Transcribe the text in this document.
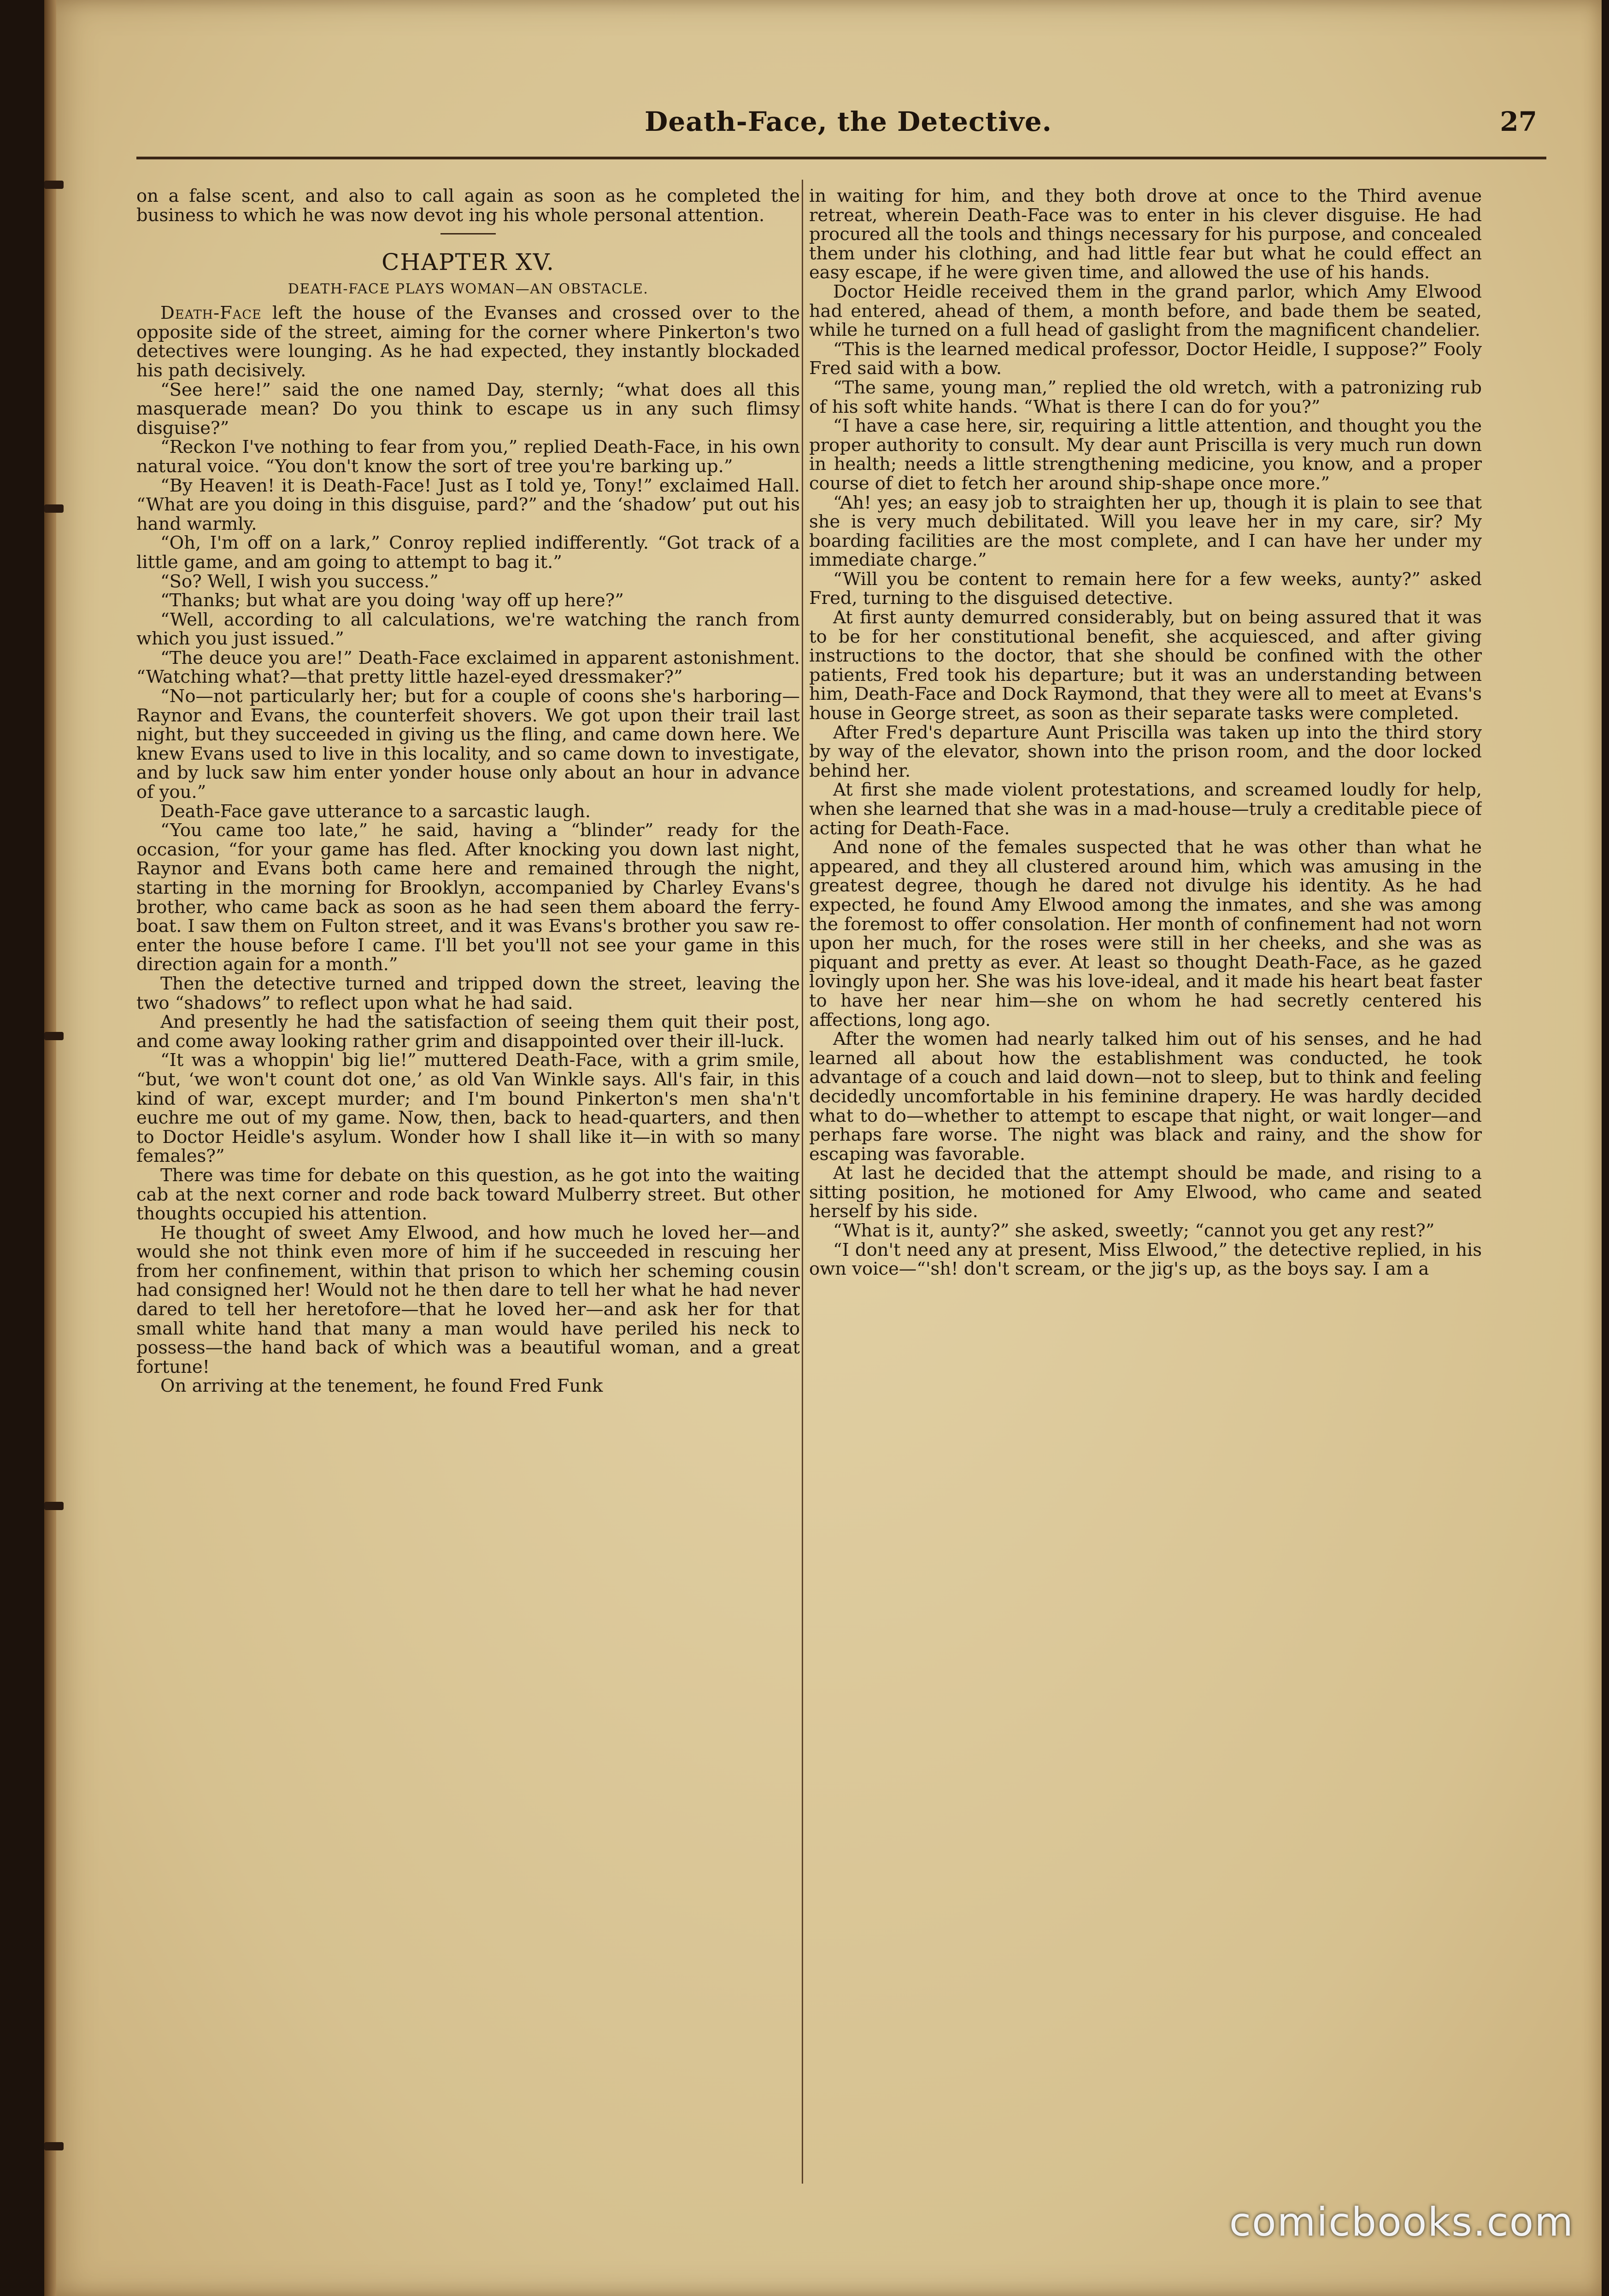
Death-Face, the Detective.	27

on a false scent, and also to call again as soon as he completed the business to which he was now devot ing his whole personal attention.

CHAPTER XV.
DEATH-FACE PLAYS WOMAN—AN OBSTACLE.

Death-Face left the house of the Evanses and crossed over to the opposite side of the street, aiming for the corner where Pinkerton's two detectives were lounging. As he had expected, they instantly blockaded his path decisively.

“See here!” said the one named Day, sternly; “what does all this masquerade mean? Do you think to escape us in any such flimsy disguise?”

“Reckon I've nothing to fear from you,” replied Death-Face, in his own natural voice. “You don't know the sort of tree you're barking up.”

“By Heaven! it is Death-Face! Just as I told ye, Tony!” exclaimed Hall. “What are you doing in this disguise, pard?” and the ‘shadow’ put out his hand warmly.

“Oh, I'm off on a lark,” Conroy replied indifferently. “Got track of a little game, and am going to attempt to bag it.”

“So? Well, I wish you success.”

“Thanks; but what are you doing 'way off up here?”

“Well, according to all calculations, we're watching the ranch from which you just issued.”

“The deuce you are!” Death-Face exclaimed in apparent astonishment. “Watching what?—that pretty little hazel-eyed dressmaker?”

“No—not particularly her; but for a couple of coons she's harboring—Raynor and Evans, the counterfeit shovers. We got upon their trail last night, but they succeeded in giving us the fling, and came down here. We knew Evans used to live in this locality, and so came down to investigate, and by luck saw him enter yonder house only about an hour in advance of you.”

Death-Face gave utterance to a sarcastic laugh.

“You came too late,” he said, having a “blinder” ready for the occasion, “for your game has fled. After knocking you down last night, Raynor and Evans both came here and remained through the night, starting in the morning for Brooklyn, accompanied by Charley Evans's brother, who came back as soon as he had seen them aboard the ferry-boat. I saw them on Fulton street, and it was Evans's brother you saw re-enter the house before I came. I'll bet you'll not see your game in this direction again for a month.”

Then the detective turned and tripped down the street, leaving the two “shadows” to reflect upon what he had said.

And presently he had the satisfaction of seeing them quit their post, and come away looking rather grim and disappointed over their ill-luck.

“It was a whoppin' big lie!” muttered Death-Face, with a grim smile, “but, ‘we won't count dot one,’ as old Van Winkle says. All's fair, in this kind of war, except murder; and I'm bound Pinkerton's men sha'n't euchre me out of my game. Now, then, back to head-quarters, and then to Doctor Heidle's asylum. Wonder how I shall like it—in with so many females?”

There was time for debate on this question, as he got into the waiting cab at the next corner and rode back toward Mulberry street. But other thoughts occupied his attention.

He thought of sweet Amy Elwood, and how much he loved her—and would she not think even more of him if he succeeded in rescuing her from her confinement, within that prison to which her scheming cousin had consigned her! Would not he then dare to tell her what he had never dared to tell her heretofore—that he loved her—and ask her for that small white hand that many a man would have periled his neck to possess—the hand back of which was a beautiful woman, and a great fortune!

On arriving at the tenement, he found Fred Funk

in waiting for him, and they both drove at once to the Third avenue retreat, wherein Death-Face was to enter in his clever disguise. He had procured all the tools and things necessary for his purpose, and concealed them under his clothing, and had little fear but what he could effect an easy escape, if he were given time, and allowed the use of his hands.

Doctor Heidle received them in the grand parlor, which Amy Elwood had entered, ahead of them, a month before, and bade them be seated, while he turned on a full head of gaslight from the magnificent chandelier.

“This is the learned medical professor, Doctor Heidle, I suppose?” Fooly Fred said with a bow.

“The same, young man,” replied the old wretch, with a patronizing rub of his soft white hands. “What is there I can do for you?”

“I have a case here, sir, requiring a little attention, and thought you the proper authority to consult. My dear aunt Priscilla is very much run down in health; needs a little strengthening medicine, you know, and a proper course of diet to fetch her around ship-shape once more.”

“Ah! yes; an easy job to straighten her up, though it is plain to see that she is very much debilitated. Will you leave her in my care, sir? My boarding facilities are the most complete, and I can have her under my immediate charge.”

“Will you be content to remain here for a few weeks, aunty?” asked Fred, turning to the disguised detective.

At first aunty demurred considerably, but on being assured that it was to be for her constitutional benefit, she acquiesced, and after giving instructions to the doctor, that she should be confined with the other patients, Fred took his departure; but it was an understanding between him, Death-Face and Dock Raymond, that they were all to meet at Evans's house in George street, as soon as their separate tasks were completed.

After Fred's departure Aunt Priscilla was taken up into the third story by way of the elevator, shown into the prison room, and the door locked behind her.

At first she made violent protestations, and screamed loudly for help, when she learned that she was in a mad-house—truly a creditable piece of acting for Death-Face.

And none of the females suspected that he was other than what he appeared, and they all clustered around him, which was amusing in the greatest degree, though he dared not divulge his identity. As he had expected, he found Amy Elwood among the inmates, and she was among the foremost to offer consolation. Her month of confinement had not worn upon her much, for the roses were still in her cheeks, and she was as piquant and pretty as ever. At least so thought Death-Face, as he gazed lovingly upon her. She was his love-ideal, and it made his heart beat faster to have her near him—she on whom he had secretly centered his affections, long ago.

After the women had nearly talked him out of his senses, and he had learned all about how the establishment was conducted, he took advantage of a couch and laid down—not to sleep, but to think and feeling decidedly uncomfortable in his feminine drapery. He was hardly decided what to do—whether to attempt to escape that night, or wait longer—and perhaps fare worse. The night was black and rainy, and the show for escaping was favorable.

At last he decided that the attempt should be made, and rising to a sitting position, he motioned for Amy Elwood, who came and seated herself by his side.

“What is it, aunty?” she asked, sweetly; “cannot you get any rest?”

“I don't need any at present, Miss Elwood,” the detective replied, in his own voice—“'sh! don't scream, or the jig's up, as the boys say. I am a

comicbooks.com
